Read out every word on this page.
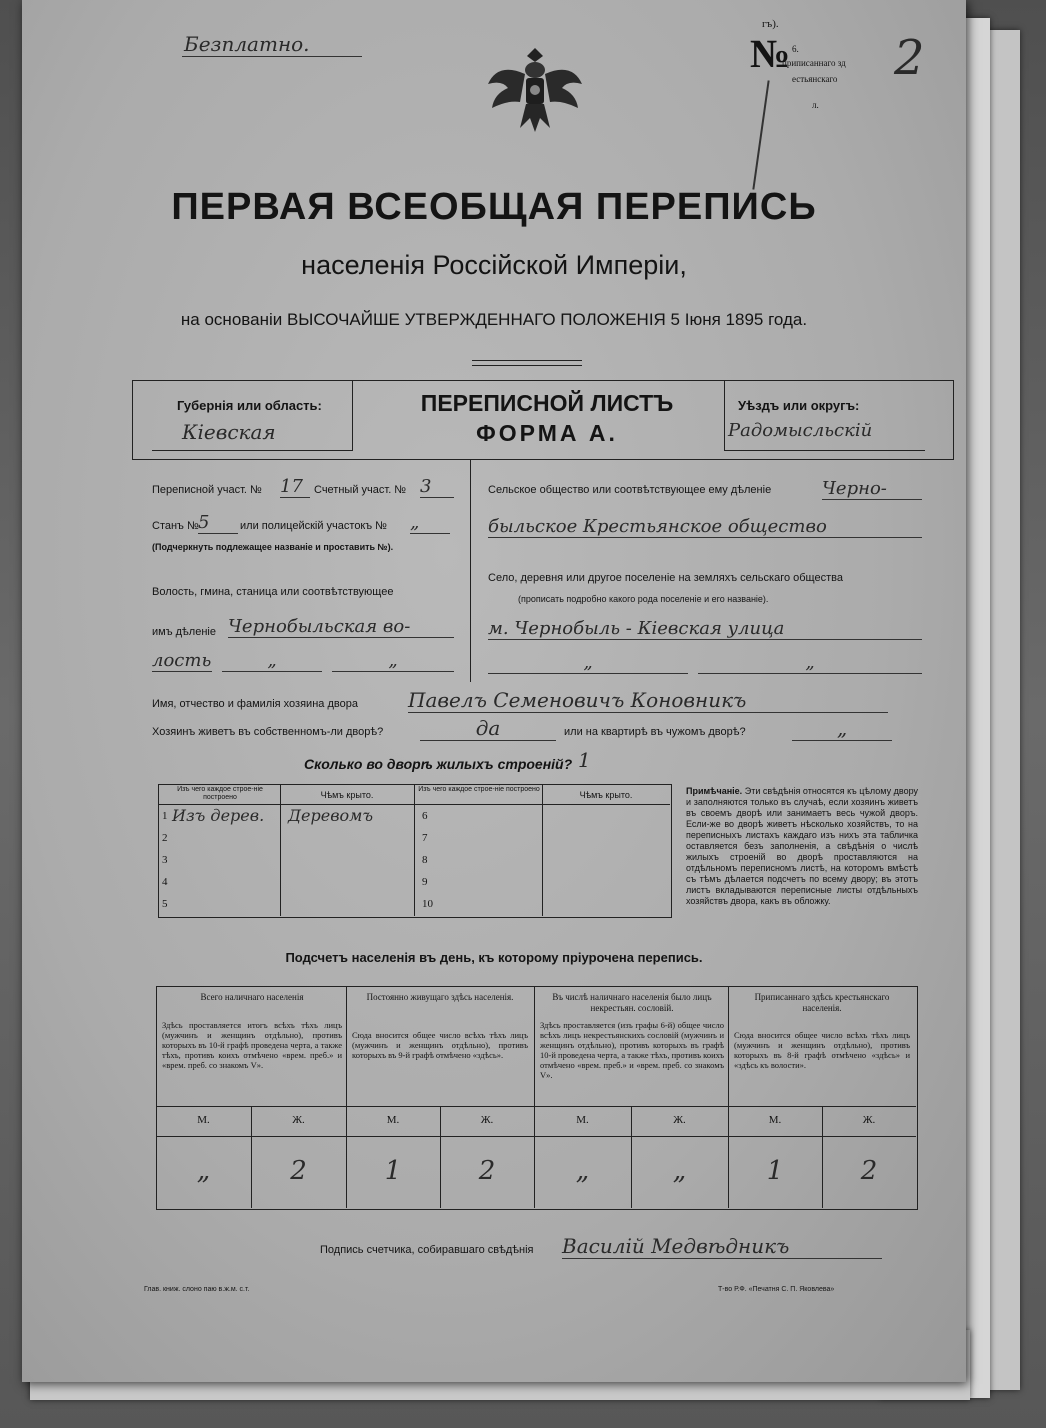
Безплатно.	№
гъ).
6.
приписаннаго зд
естьянскаго
л.
2
ПЕРВАЯ ВСЕОБЩАЯ ПЕРЕПИСЬ
населенія Россійской Имперіи,
на основаніи ВЫСОЧАЙШЕ УТВЕРЖДЕННАГО ПОЛОЖЕНІЯ 5 Іюня 1895 года.
Губернія или область:
Кіевская
ПЕРЕПИСНОЙ ЛИСТЪ
ФОРМА А.
Уѣздъ или округъ:
Радомысльскій
Переписной участ. № 17	Счетный участ. № 3
Станъ № 5	или полицейскій участокъ № „
(Подчеркнуть подлежащее названіе и проставить №).
Волость, гмина, станица или соотвѣтствующее
имъ дѣленіе Чернобыльская во-
лость	„	„
Сельское общество или соотвѣтствующее ему дѣленіе	Черно-
быльское Крестьянское общество
Село, деревня или другое поселеніе на земляхъ сельскаго общества
(прописать подробно какого рода поселеніе и его названіе).
м. Чернобыль - Кіевская улица
„	„
Имя, отчество и фамилія хозяина двора	Павелъ Семеновичъ Коновникъ
Хозяинъ живетъ въ собственномъ-ли дворѣ?	да	или на квартирѣ въ чужомъ дворѣ?	„
Сколько во дворѣ жилыхъ строеній? 1
Изъ чего каждое строе-ніе построено	Чѣмъ крыто.
Изъ чего каждое строе-ніе построено
Чѣмъ крыто.
1 Изъ дерев. Деревомъ
2
3
4
5
6
7
8
9
10
Примѣчаніе. Эти свѣдѣнія относятся къ цѣлому двору и заполняются только въ случаѣ, если хозяинъ живетъ въ своемъ дворѣ или занимаетъ весь чужой дворъ. Если-же во дворѣ живетъ нѣсколько хозяйствъ, то на переписныхъ листахъ каждаго изъ нихъ эта табличка оставляется безъ заполненія, а свѣдѣнія о числѣ жилыхъ строеній во дворѣ проставляются на отдѣльномъ переписномъ листѣ, на которомъ вмѣстѣ съ тѣмъ дѣлается подсчетъ по всему двору; въ этотъ листъ вкладываются переписные листы отдѣльныхъ хозяйствъ двора, какъ въ обложку.
Подсчетъ населенія въ день, къ которому пріурочена перепись.
Всего наличнаго населенія
Здѣсь проставляется итогъ всѣхъ тѣхъ лицъ (мужчинъ и женщинъ отдѣльно), противъ которыхъ въ 10-й графѣ проведена черта, а также тѣхъ, противъ коихъ отмѣчено «врем. преб.» и «врем. преб. со знакомъ V».
Постоянно живущаго здѣсь населенія.
Сюда вносится общее число всѣхъ тѣхъ лицъ (мужчинъ и женщинъ отдѣльно), противъ которыхъ въ 9-й графѣ отмѣчено «здѣсь».
Въ числѣ наличнаго населенія было лицъ некрестьян. сословій.
Здѣсь проставляется (изъ графы 6-й) общее число всѣхъ лицъ некрестьянскихъ сословій (мужчинъ и женщинъ отдѣльно), противъ которыхъ въ графѣ 10-й проведена черта, а также тѣхъ, противъ коихъ отмѣчено «врем. преб.» и «врем. преб. со знакомъ V».
Приписаннаго здѣсь крестьянскаго населенія.
Сюда вносится общее число всѣхъ тѣхъ лицъ (мужчинъ и женщинъ отдѣльно), противъ которыхъ въ 8-й графѣ отмѣчено «здѣсь» и «здѣсь къ волости».
М.	Ж.	М.	Ж.	М.	Ж.	М.	Ж.
„	2	1	2	„	„	1	2
Подпись счетчика, собиравшаго свѣдѣнія Василій Медвѣдникъ
Глав. книж. слоно паю в.ж.м. с.т.	Т-во Р.Ф. «Печатня С. П. Яковлева»
